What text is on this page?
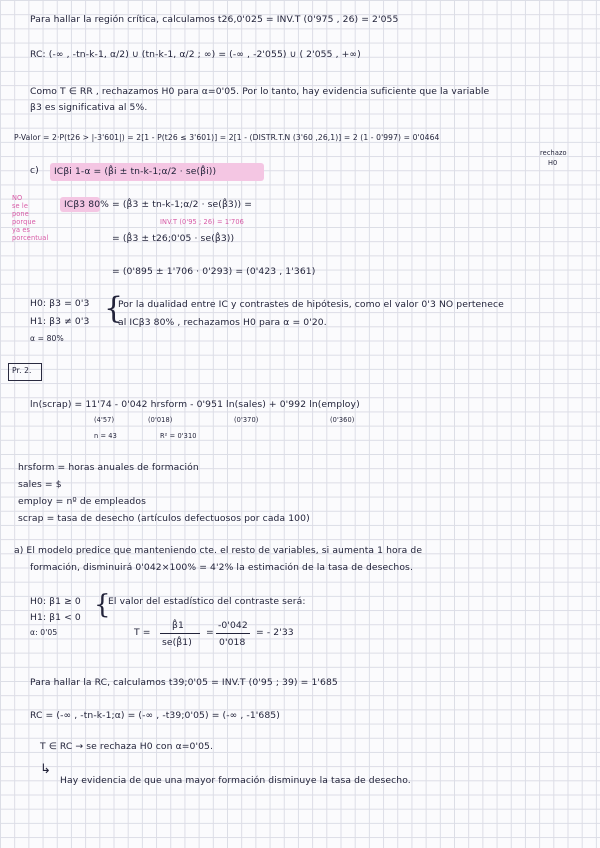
Para hallar la región crítica, calculamos t26,0'025 = INV.T (0'975 , 26) = 2'055
RC: (-∞ , -tn-k-1, α/2) ∪ (tn-k-1, α/2 ; ∞) = (-∞ , -2'055) ∪ ( 2'055 , +∞)
Como T ∈ RR , rechazamos H0 para α=0'05. Por lo tanto, hay evidencia suficiente que la variable
β3 es significativa al 5%.
P-Valor = 2·P(t26 > |-3'601|) = 2[1 - P(t26 ≤ 3'601)] = 2[1 - (DISTR.T.N (3'60 ,26,1)] = 2 (1 - 0'997) = 0'0464
rechazo
H0
c) ICβi 1-α = (β̂i ± tn-k-1;α/2 · se(β̂i))
NO
se le
pone
porque
ya es
porcentual
ICβ3 80% = (β̂3 ± tn-k-1;α/2 · se(β̂3)) =
INV.T (0'95 ; 26) = 1'706
= (β̂3 ± t26;0'05 · se(β̂3))
= (0'895 ± 1'706 · 0'293) = (0'423 , 1'361)
H0: β3 = 0'3
H1: β3 ≠ 0'3
α = 80%
{
Por la dualidad entre IC y contrastes de hipótesis, como el valor 0'3 NO pertenece
al ICβ3 80% , rechazamos H0 para α = 0'20.
Pr. 2.
ln(scrap) = 11'74 - 0'042 hrsform - 0'951 ln(sales) + 0'992 ln(employ)
(4'57)	(0'018)	(0'370)	(0'360)
n = 43	R² = 0'310
hrsform = horas anuales de formación
sales = $
employ = nº de empleados
scrap = tasa de desecho (artículos defectuosos por cada 100)
a) El modelo predice que manteniendo cte. el resto de variables, si aumenta 1 hora de
formación, disminuirá 0'042×100% = 4'2% la estimación de la tasa de desechos.
H0: β1 ≥ 0
H1: β1 < 0
α: 0'05
{
El valor del estadístico del contraste será:
T =
β̂1
se(β̂1)
=
-0'042
0'018
= - 2'33
Para hallar la RC, calculamos t39;0'05 = INV.T (0'95 ; 39) = 1'685
RC = (-∞ , -tn-k-1;α) = (-∞ , -t39;0'05) = (-∞ , -1'685)
T ∈ RC → se rechaza H0 con α=0'05.
↳
Hay evidencia de que una mayor formación disminuye la tasa de desecho.
